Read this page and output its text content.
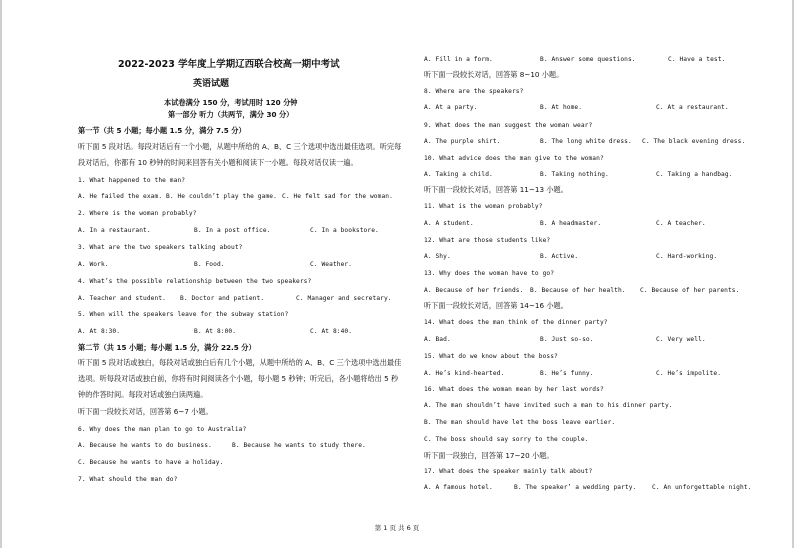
2022-2023 学年度上学期辽西联合校高一期中考试
英语试题
本试卷满分 150 分，考试用时 120 分钟
第一部分 听力（共两节，满分 30 分）
第一节（共 5 小题；每小题 1.5 分，满分 7.5 分）
听下面 5 段对话。每段对话后有一个小题，从题中所给的 A、B、C 三个选项中选出最佳选项。听完每
段对话后，你都有 10 秒钟的时间来回答有关小题和阅读下一小题。每段对话仅读一遍。
1. What happened to the man?
A. He failed the exam. B. He couldn’t play the game. C. He felt sad for the woman.
2. Where is the woman probably?
A. In a restaurant.	B. In a post office.	C. In a bookstore.
3. What are the two speakers talking about?
A. Work.	B. Food.	C. Weather.
4. What’s the possible relationship between the two speakers?
A. Teacher and student. B. Doctor and patient.	C. Manager and secretary.
5. When will the speakers leave for the subway station?
A. At 8:30.	B. At 8:00.	C. At 8:40.
第二节（共 15 小题；每小题 1.5 分，满分 22.5 分）
听下面 5 段对话或独白，每段对话或独白后有几个小题，从题中所给的 A、B、C 三个选项中选出最佳
选项。听每段对话或独白前，你将有时间阅读各个小题，每小题 5 秒钟；听完后，各小题将给出 5 秒
钟的作答时间。每段对话或独白读两遍。
听下面一段较长对话，回答第 6~7 小题。
6. Why does the man plan to go to Australia?
A. Because he wants to do business.	B. Because he wants to study there.
C. Because he wants to have a holiday.
7. What should the man do?
A. Fill in a form.	B. Answer some questions.	C. Have a test.
听下面一段较长对话，回答第 8~10 小题。
8. Where are the speakers?
A. At a party.	B. At home.	C. At a restaurant.
9. What does the man suggest the woman wear?
A. The purple shirt.	B. The long white dress. C. The black evening dress.
10. What advice does the man give to the woman?
A. Taking a child.	B. Taking nothing.	C. Taking a handbag.
听下面一段较长对话，回答第 11~13 小题。
11. What is the woman probably?
A. A student.	B. A headmaster.	C. A teacher.
12. What are those students like?
A. Shy.	B. Active.	C. Hard-working.
13. Why does the woman have to go?
A. Because of her friends. B. Because of her health. C. Because of her parents.
听下面一段较长对话，回答第 14~16 小题。
14. What does the man think of the dinner party?
A. Bad.	B. Just so-so.	C. Very well.
15. What do we know about the boss?
A. He’s kind-hearted.	B. He’s funny.	C. He’s impolite.
16. What does the woman mean by her last words?
A. The man shouldn’t have invited such a man to his dinner party.
B. The man should have let the boss leave earlier.
C. The boss should say sorry to the couple.
听下面一段独白，回答第 17~20 小题。
17. What does the speaker mainly talk about?
A. A famous hotel.	B. The speaker’ a wedding party.	C. An unforgettable night.
第 1 页 共 6 页
